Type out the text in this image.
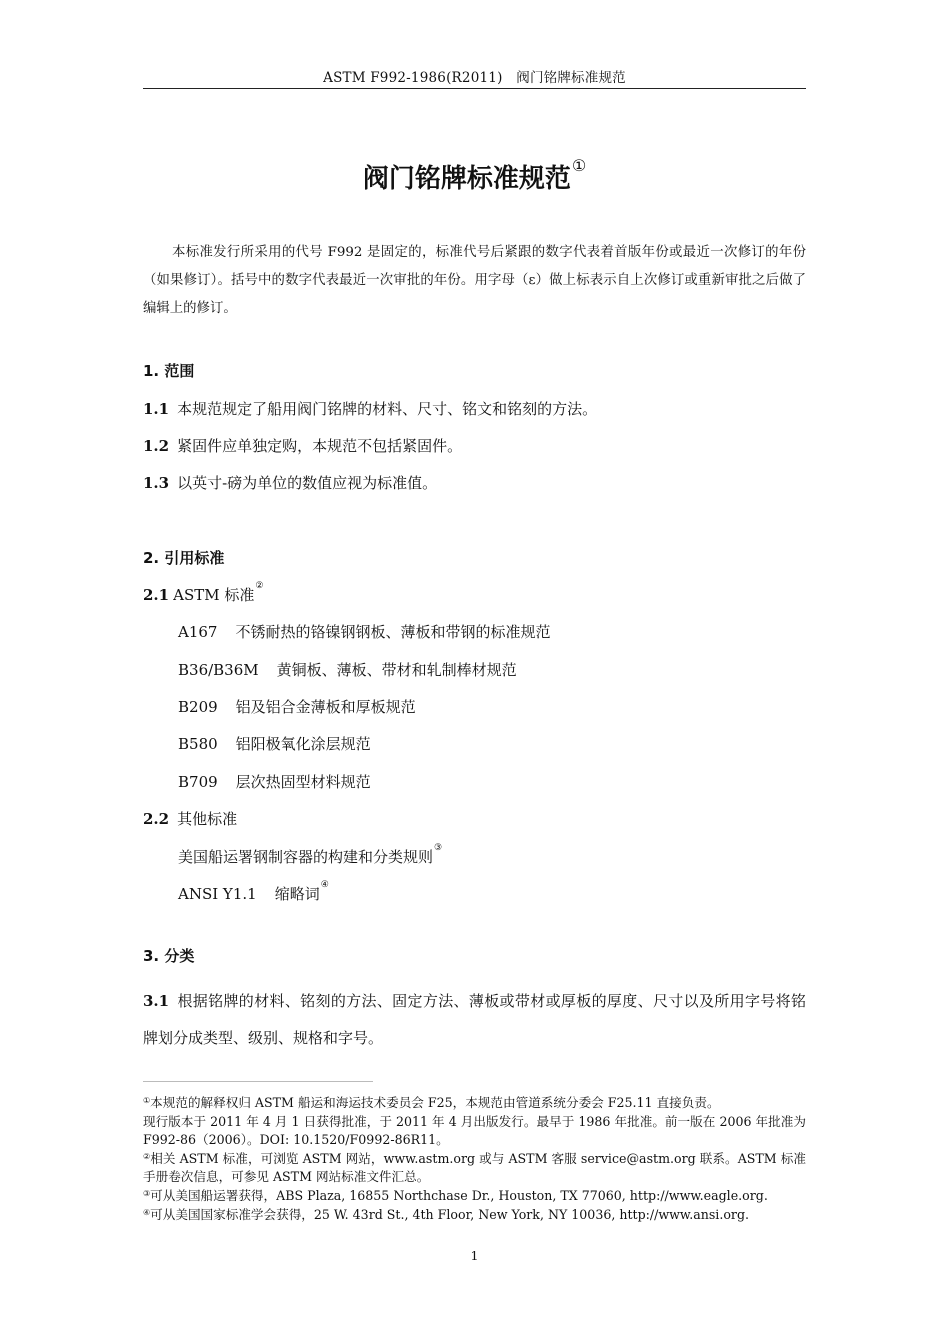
ASTM F992-1986(R2011)　阀门铭牌标准规范
阀门铭牌标准规范①
本标准发行所采用的代号 F992 是固定的，标准代号后紧跟的数字代表着首版年份或最近一次修订的年份（如果修订）。括号中的数字代表最近一次审批的年份。用字母（ε）做上标表示自上次修订或重新审批之后做了编辑上的修订。
1. 范围
1.1 本规范规定了船用阀门铭牌的材料、尺寸、铭文和铭刻的方法。
1.2 紧固件应单独定购，本规范不包括紧固件。
1.3 以英寸-磅为单位的数值应视为标准值。
2. 引用标准
2.1 ASTM 标准②
A167 不锈耐热的铬镍钢钢板、薄板和带钢的标准规范
B36/B36M 黄铜板、薄板、带材和轧制棒材规范
B209 铝及铝合金薄板和厚板规范
B580 铝阳极氧化涂层规范
B709 层次热固型材料规范
2.2 其他标准
美国船运署钢制容器的构建和分类规则③
ANSI Y1.1 缩略词④
3. 分类
3.1 根据铭牌的材料、铭刻的方法、固定方法、薄板或带材或厚板的厚度、尺寸以及所用字号将铭牌划分成类型、级别、规格和字号。

①本规范的解释权归 ASTM 船运和海运技术委员会 F25，本规范由管道系统分委会 F25.11 直接负责。

现行版本于 2011 年 4 月 1 日获得批准，于 2011 年 4 月出版发行。最早于 1986 年批准。前一版在 2006 年批准为 F992-86（2006）。DOI: 10.1520/F0992-86R11。

②相关 ASTM 标准，可浏览 ASTM 网站，www.astm.org 或与 ASTM 客服 service@astm.org 联系。ASTM 标准手册卷次信息，可参见 ASTM 网站标准文件汇总。

③可从美国船运署获得，ABS Plaza, 16855 Northchase Dr., Houston, TX 77060, http://www.eagle.org.

④可从美国国家标准学会获得，25 W. 43rd St., 4th Floor, New York, NY 10036, http://www.ansi.org.

1
